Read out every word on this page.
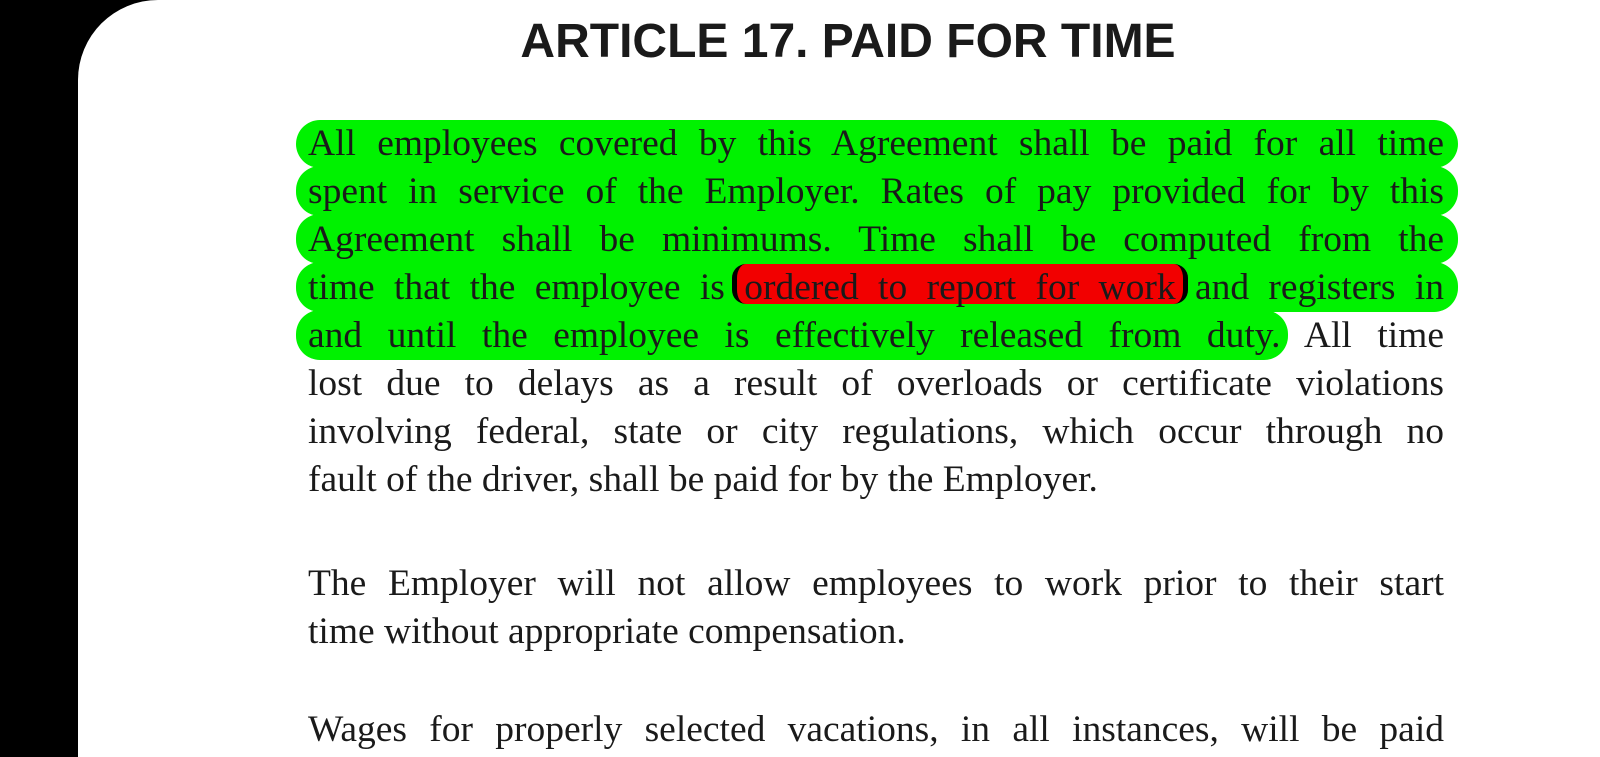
ARTICLE 17. PAID FOR TIME
All employees covered by this Agreement shall be paid for all time
spent in service of the Employer. Rates of pay provided for by this
Agreement shall be minimums. Time shall be computed from the
time that the employee is ordered to report for work and registers in
and until the employee is effectively released from duty. All time
lost due to delays as a result of overloads or certificate violations
involving federal, state or city regulations, which occur through no
fault of the driver, shall be paid for by the Employer.
The Employer will not allow employees to work prior to their start
time without appropriate compensation.
Wages for properly selected vacations, in all instances, will be paid
